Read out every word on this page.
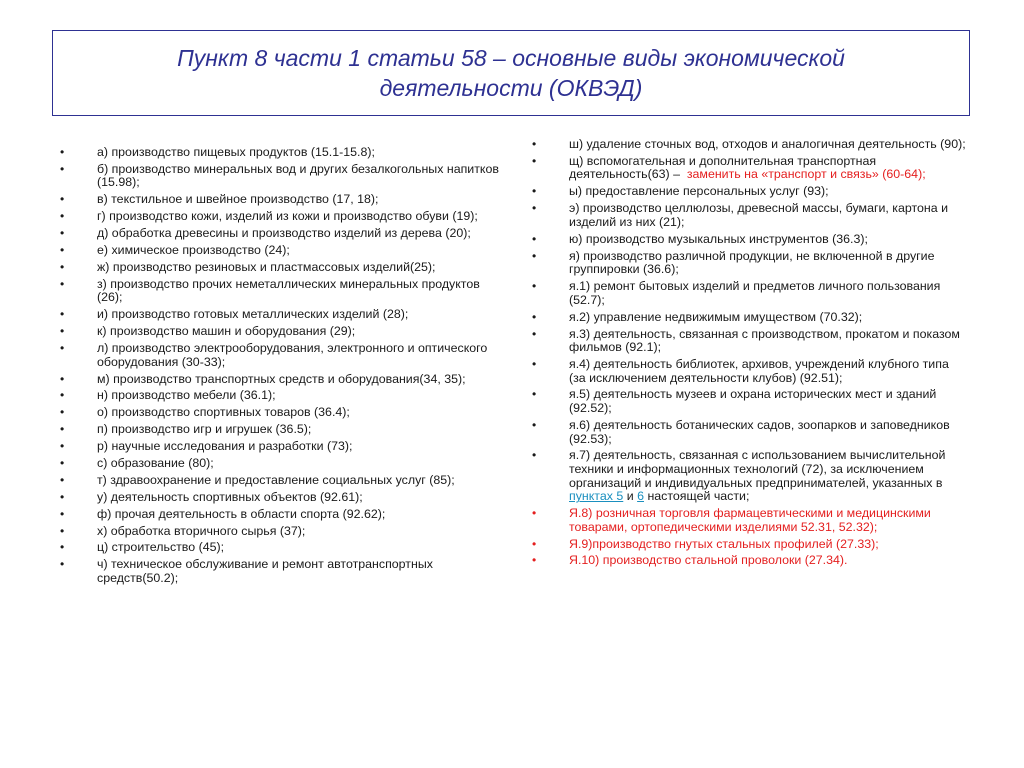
Пункт 8 части 1 статьи 58 – основные виды экономической
деятельности (ОКВЭД)

•	а) производство пищевых продуктов (15.1-15.8);
•	б) производство минеральных вод и других безалкогольных напитков (15.98);
•	в) текстильное и швейное производство (17, 18);
•	г) производство кожи, изделий из кожи и производство обуви (19);
•	д) обработка древесины и производство изделий из дерева (20);
•	е) химическое производство (24);
•	ж) производство резиновых и пластмассовых изделий(25);
•	з) производство прочих неметаллических минеральных продуктов (26);
•	и) производство готовых металлических изделий (28);
•	к) производство машин и оборудования (29);
•	л) производство электрооборудования, электронного и оптического оборудования (30-33);
•	м) производство транспортных средств и оборудования(34, 35);
•	н) производство мебели (36.1);
•	о) производство спортивных товаров (36.4);
•	п) производство игр и игрушек (36.5);
•	р) научные исследования и разработки (73);
•	с) образование (80);
•	т) здравоохранение и предоставление социальных услуг (85);
•	у) деятельность спортивных объектов (92.61);
•	ф) прочая деятельность в области спорта (92.62);
•	х) обработка вторичного сырья (37);
•	ц) строительство (45);
•	ч) техническое обслуживание и ремонт автотранспортных средств(50.2);
•	ш) удаление сточных вод, отходов и аналогичная деятельность (90);
•	щ) вспомогательная и дополнительная транспортная деятельность(63) – заменить на «транспорт и связь» (60-64);
•	ы) предоставление персональных услуг (93);
•	э) производство целлюлозы, древесной массы, бумаги, картона и изделий из них (21);
•	ю) производство музыкальных инструментов (36.3);
•	я) производство различной продукции, не включенной в другие группировки (36.6);
•	я.1) ремонт бытовых изделий и предметов личного пользования (52.7);
•	я.2) управление недвижимым имуществом (70.32);
•	я.3) деятельность, связанная с производством, прокатом и показом фильмов (92.1);
•	я.4) деятельность библиотек, архивов, учреждений клубного типа (за исключением деятельности клубов) (92.51);
•	я.5) деятельность музеев и охрана исторических мест и зданий (92.52);
•	я.6) деятельность ботанических садов, зоопарков и заповедников (92.53);
•	я.7) деятельность, связанная с использованием вычислительной техники и информационных технологий (72), за исключением организаций и индивидуальных предпринимателей, указанных в пунктах 5 и 6 настоящей части;
•	Я.8) розничная торговля фармацевтическими и медицинскими товарами, ортопедическими изделиями 52.31, 52.32);
•	Я.9)производство гнутых стальных профилей (27.33);
•	Я.10) производство стальной проволоки (27.34).
